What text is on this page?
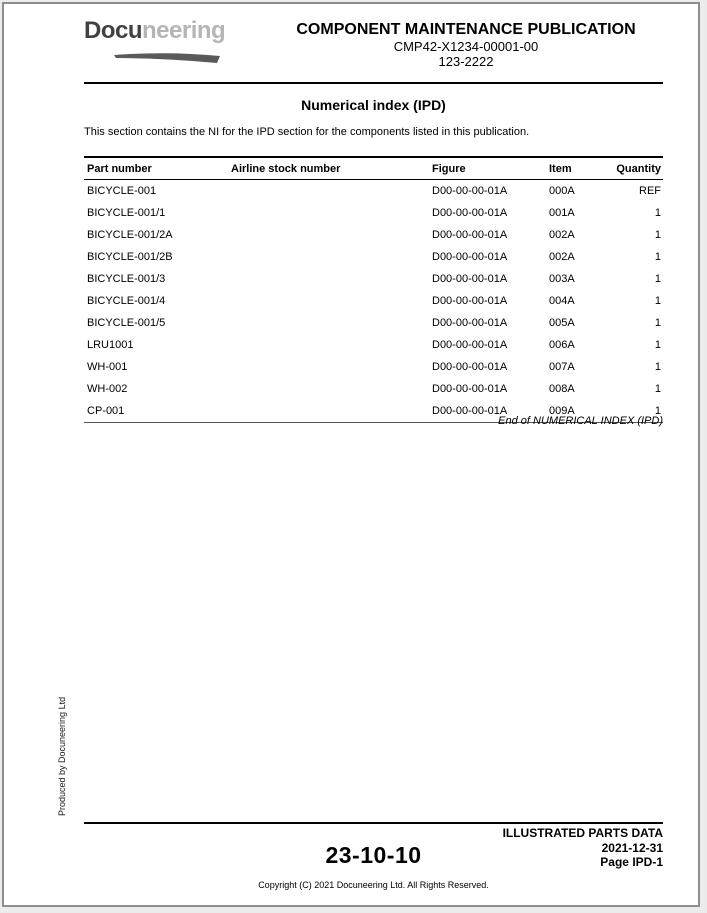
Docuneering	COMPONENT MAINTENANCE PUBLICATION
CMP42-X1234-00001-00
123-2222
Numerical index (IPD)
This section contains the NI for the IPD section for the components listed in this publication.
Part number	Airline stock number	Figure	Item	Quantity
BICYCLE-001		D00-00-00-01A	000A	REF
BICYCLE-001/1		D00-00-00-01A	001A	1
BICYCLE-001/2A		D00-00-00-01A	002A	1
BICYCLE-001/2B		D00-00-00-01A	002A	1
BICYCLE-001/3		D00-00-00-01A	003A	1
BICYCLE-001/4		D00-00-00-01A	004A	1
BICYCLE-001/5		D00-00-00-01A	005A	1
LRU1001		D00-00-00-01A	006A	1
WH-001		D00-00-00-01A	007A	1
WH-002		D00-00-00-01A	008A	1
CP-001		D00-00-00-01A	009A	1
End of NUMERICAL INDEX (IPD)
Produced by Docuneering Ltd
ILLUSTRATED PARTS DATA
2021-12-31
Page IPD-1
23-10-10
Copyright (C) 2021 Docuneering Ltd. All Rights Reserved.
